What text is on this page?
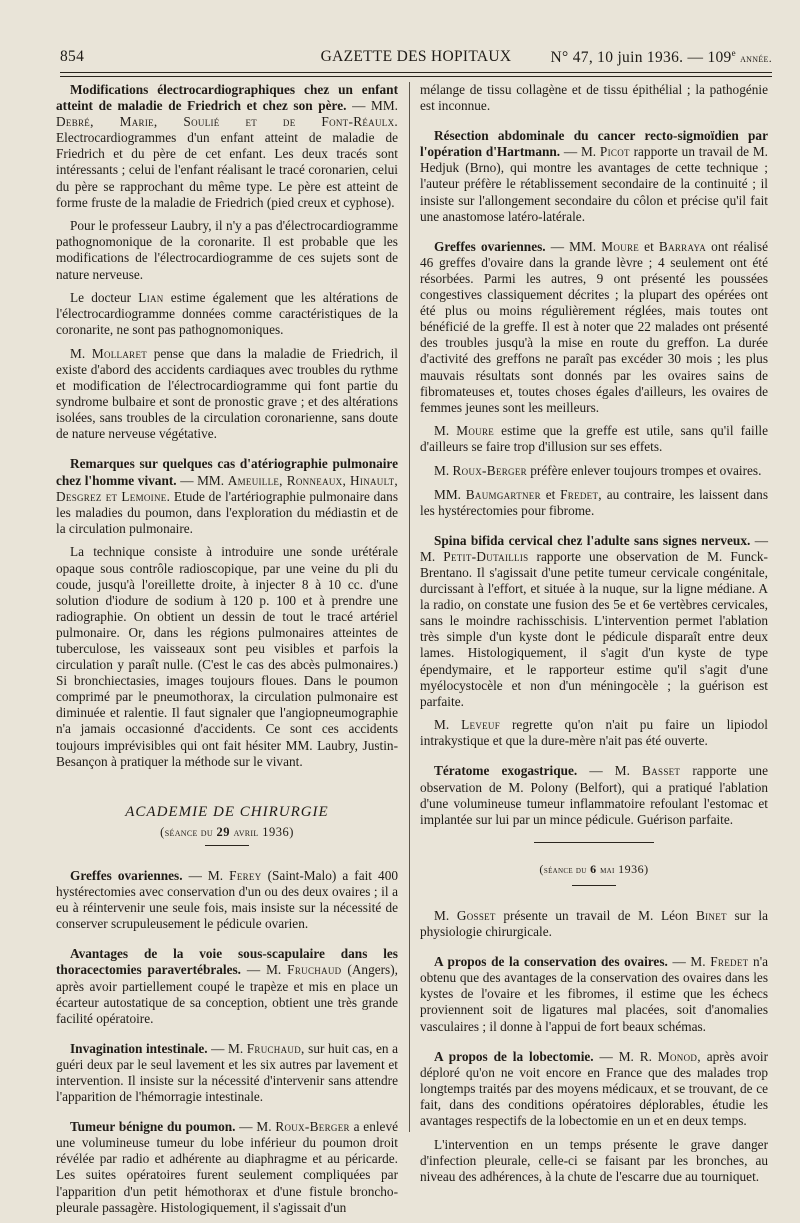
854	GAZETTE DES HOPITAUX	N° 47, 10 juin 1936. — 109e année.

Modifications électrocardiographiques chez un enfant atteint de maladie de Friedrich et chez son père. — MM. Debré, Marie, Soulié et de Font-Réaulx. Electrocardiogrammes d'un enfant atteint de maladie de Friedrich et du père de cet enfant. Les deux tracés sont intéressants ; celui de l'enfant réalisant le tracé coronarien, celui du père se rapprochant du même type. Le père est atteint de forme fruste de la maladie de Friedrich (pied creux et cyphose).

Pour le professeur Laubry, il n'y a pas d'électrocardiogramme pathognomonique de la coronarite. Il est probable que les modifications de l'électrocardiogramme de ces sujets sont de nature nerveuse.

Le docteur Lian estime également que les altérations de l'électrocardiogramme données comme caractéristiques de la coronarite, ne sont pas pathognomoniques.

M. Mollaret pense que dans la maladie de Friedrich, il existe d'abord des accidents cardiaques avec troubles du rythme et modification de l'électrocardiogramme qui font partie du syndrome bulbaire et sont de pronostic grave ; et des altérations isolées, sans troubles de la circulation coronarienne, sans doute de nature nerveuse végétative.

Remarques sur quelques cas d'atériographie pulmonaire chez l'homme vivant. — MM. Ameuille, Ronneaux, Hinault, Desgrez et Lemoine. Etude de l'artériographie pulmonaire dans les maladies du poumon, dans l'exploration du médiastin et de la circulation pulmonaire.

La technique consiste à introduire une sonde urétérale opaque sous contrôle radioscopique, par une veine du pli du coude, jusqu'à l'oreillette droite, à injecter 8 à 10 cc. d'une solution d'iodure de sodium à 120 p. 100 et à prendre une radiographie. On obtient un dessin de tout le tracé artériel pulmonaire. Or, dans les régions pulmonaires atteintes de tuberculose, les vaisseaux sont peu visibles et parfois la circulation y paraît nulle. (C'est le cas des abcès pulmonaires.) Si bronchiectasies, images toujours floues. Dans le poumon comprimé par le pneumothorax, la circulation pulmonaire est diminuée et ralentie. Il faut signaler que l'angiopneumographie n'a jamais occasionné d'accidents. Ce sont ces accidents toujours imprévisibles qui ont fait hésiter MM. Laubry, Justin-Besançon à pratiquer la méthode sur le vivant.

ACADEMIE DE CHIRURGIE
(séance du 29 avril 1936)

Greffes ovariennes. — M. Ferey (Saint-Malo) a fait 400 hystérectomies avec conservation d'un ou des deux ovaires ; il a eu à réintervenir une seule fois, mais insiste sur la nécessité de conserver scrupuleusement le pédicule ovarien.

Avantages de la voie sous-scapulaire dans les thoracectomies paravertébrales. — M. Fruchaud (Angers), après avoir partiellement coupé le trapèze et mis en place un écarteur autostatique de sa conception, obtient une très grande facilité opératoire.

Invagination intestinale. — M. Fruchaud, sur huit cas, en a guéri deux par le seul lavement et les six autres par lavement et intervention. Il insiste sur la nécessité d'intervenir sans attendre l'apparition de l'hémorragie intestinale.

Tumeur bénigne du poumon. — M. Roux-Berger a enlevé une volumineuse tumeur du lobe inférieur du poumon droit révélée par radio et adhérente au diaphragme et au péricarde. Les suites opératoires furent seulement compliquées par l'apparition d'un petit hémothorax et d'une fistule broncho-pleurale passagère. Histologiquement, il s'agissait d'un

mélange de tissu collagène et de tissu épithélial ; la pathogénie est inconnue.

Résection abdominale du cancer recto-sigmoïdien par l'opération d'Hartmann. — M. Picot rapporte un travail de M. Hedjuk (Brno), qui montre les avantages de cette technique ; l'auteur préfère le rétablissement secondaire de la continuité ; il insiste sur l'allongement secondaire du côlon et précise qu'il fait une anastomose latéro-latérale.

Greffes ovariennes. — MM. Moure et Barraya ont réalisé 46 greffes d'ovaire dans la grande lèvre ; 4 seulement ont été résorbées. Parmi les autres, 9 ont présenté les poussées congestives classiquement décrites ; la plupart des opérées ont été plus ou moins régulièrement réglées, mais toutes ont bénéficié de la greffe. Il est à noter que 22 malades ont présenté des troubles jusqu'à la mise en route du greffon. La durée d'activité des greffons ne paraît pas excéder 30 mois ; les plus mauvais résultats sont donnés par les ovaires sains de fibromateuses et, toutes choses égales d'ailleurs, les ovaires de femmes jeunes sont les meilleurs.

M. Moure estime que la greffe est utile, sans qu'il faille d'ailleurs se faire trop d'illusion sur ses effets.

M. Roux-Berger préfère enlever toujours trompes et ovaires.

MM. Baumgartner et Fredet, au contraire, les laissent dans les hystérectomies pour fibrome.

Spina bifida cervical chez l'adulte sans signes nerveux. — M. Petit-Dutaillis rapporte une observation de M. Funck-Brentano. Il s'agissait d'une petite tumeur cervicale congénitale, durcissant à l'effort, et située à la nuque, sur la ligne médiane. A la radio, on constate une fusion des 5e et 6e vertèbres cervicales, sans le moindre rachisschisis. L'intervention permet l'ablation très simple d'un kyste dont le pédicule disparaît entre deux lames. Histologiquement, il s'agit d'un kyste de type épendymaire, et le rapporteur estime qu'il s'agit d'une myélocystocèle et non d'un méningocèle ; la guérison est parfaite.

M. Leveuf regrette qu'on n'ait pu faire un lipiodol intrakystique et que la dure-mère n'ait pas été ouverte.

Tératome exogastrique. — M. Basset rapporte une observation de M. Polony (Belfort), qui a pratiqué l'ablation d'une volumineuse tumeur inflammatoire refoulant l'estomac et implantée sur lui par un mince pédicule. Guérison parfaite.

(séance du 6 mai 1936)

M. Gosset présente un travail de M. Léon Binet sur la physiologie chirurgicale.

A propos de la conservation des ovaires. — M. Fredet n'a obtenu que des avantages de la conservation des ovaires dans les kystes de l'ovaire et les fibromes, il estime que les échecs proviennent soit de ligatures mal placées, soit d'anomalies vasculaires ; il donne à l'appui de fort beaux schémas.

A propos de la lobectomie. — M. R. Monod, après avoir déploré qu'on ne voit encore en France que des malades trop longtemps traités par des moyens médicaux, et se trouvant, de ce fait, dans des conditions opératoires déplorables, étudie les avantages respectifs de la lobectomie en un et en deux temps.

L'intervention en un temps présente le grave danger d'infection pleurale, celle-ci se faisant par les bronches, au niveau des adhérences, à la chute de l'escarre due au tourniquet.
